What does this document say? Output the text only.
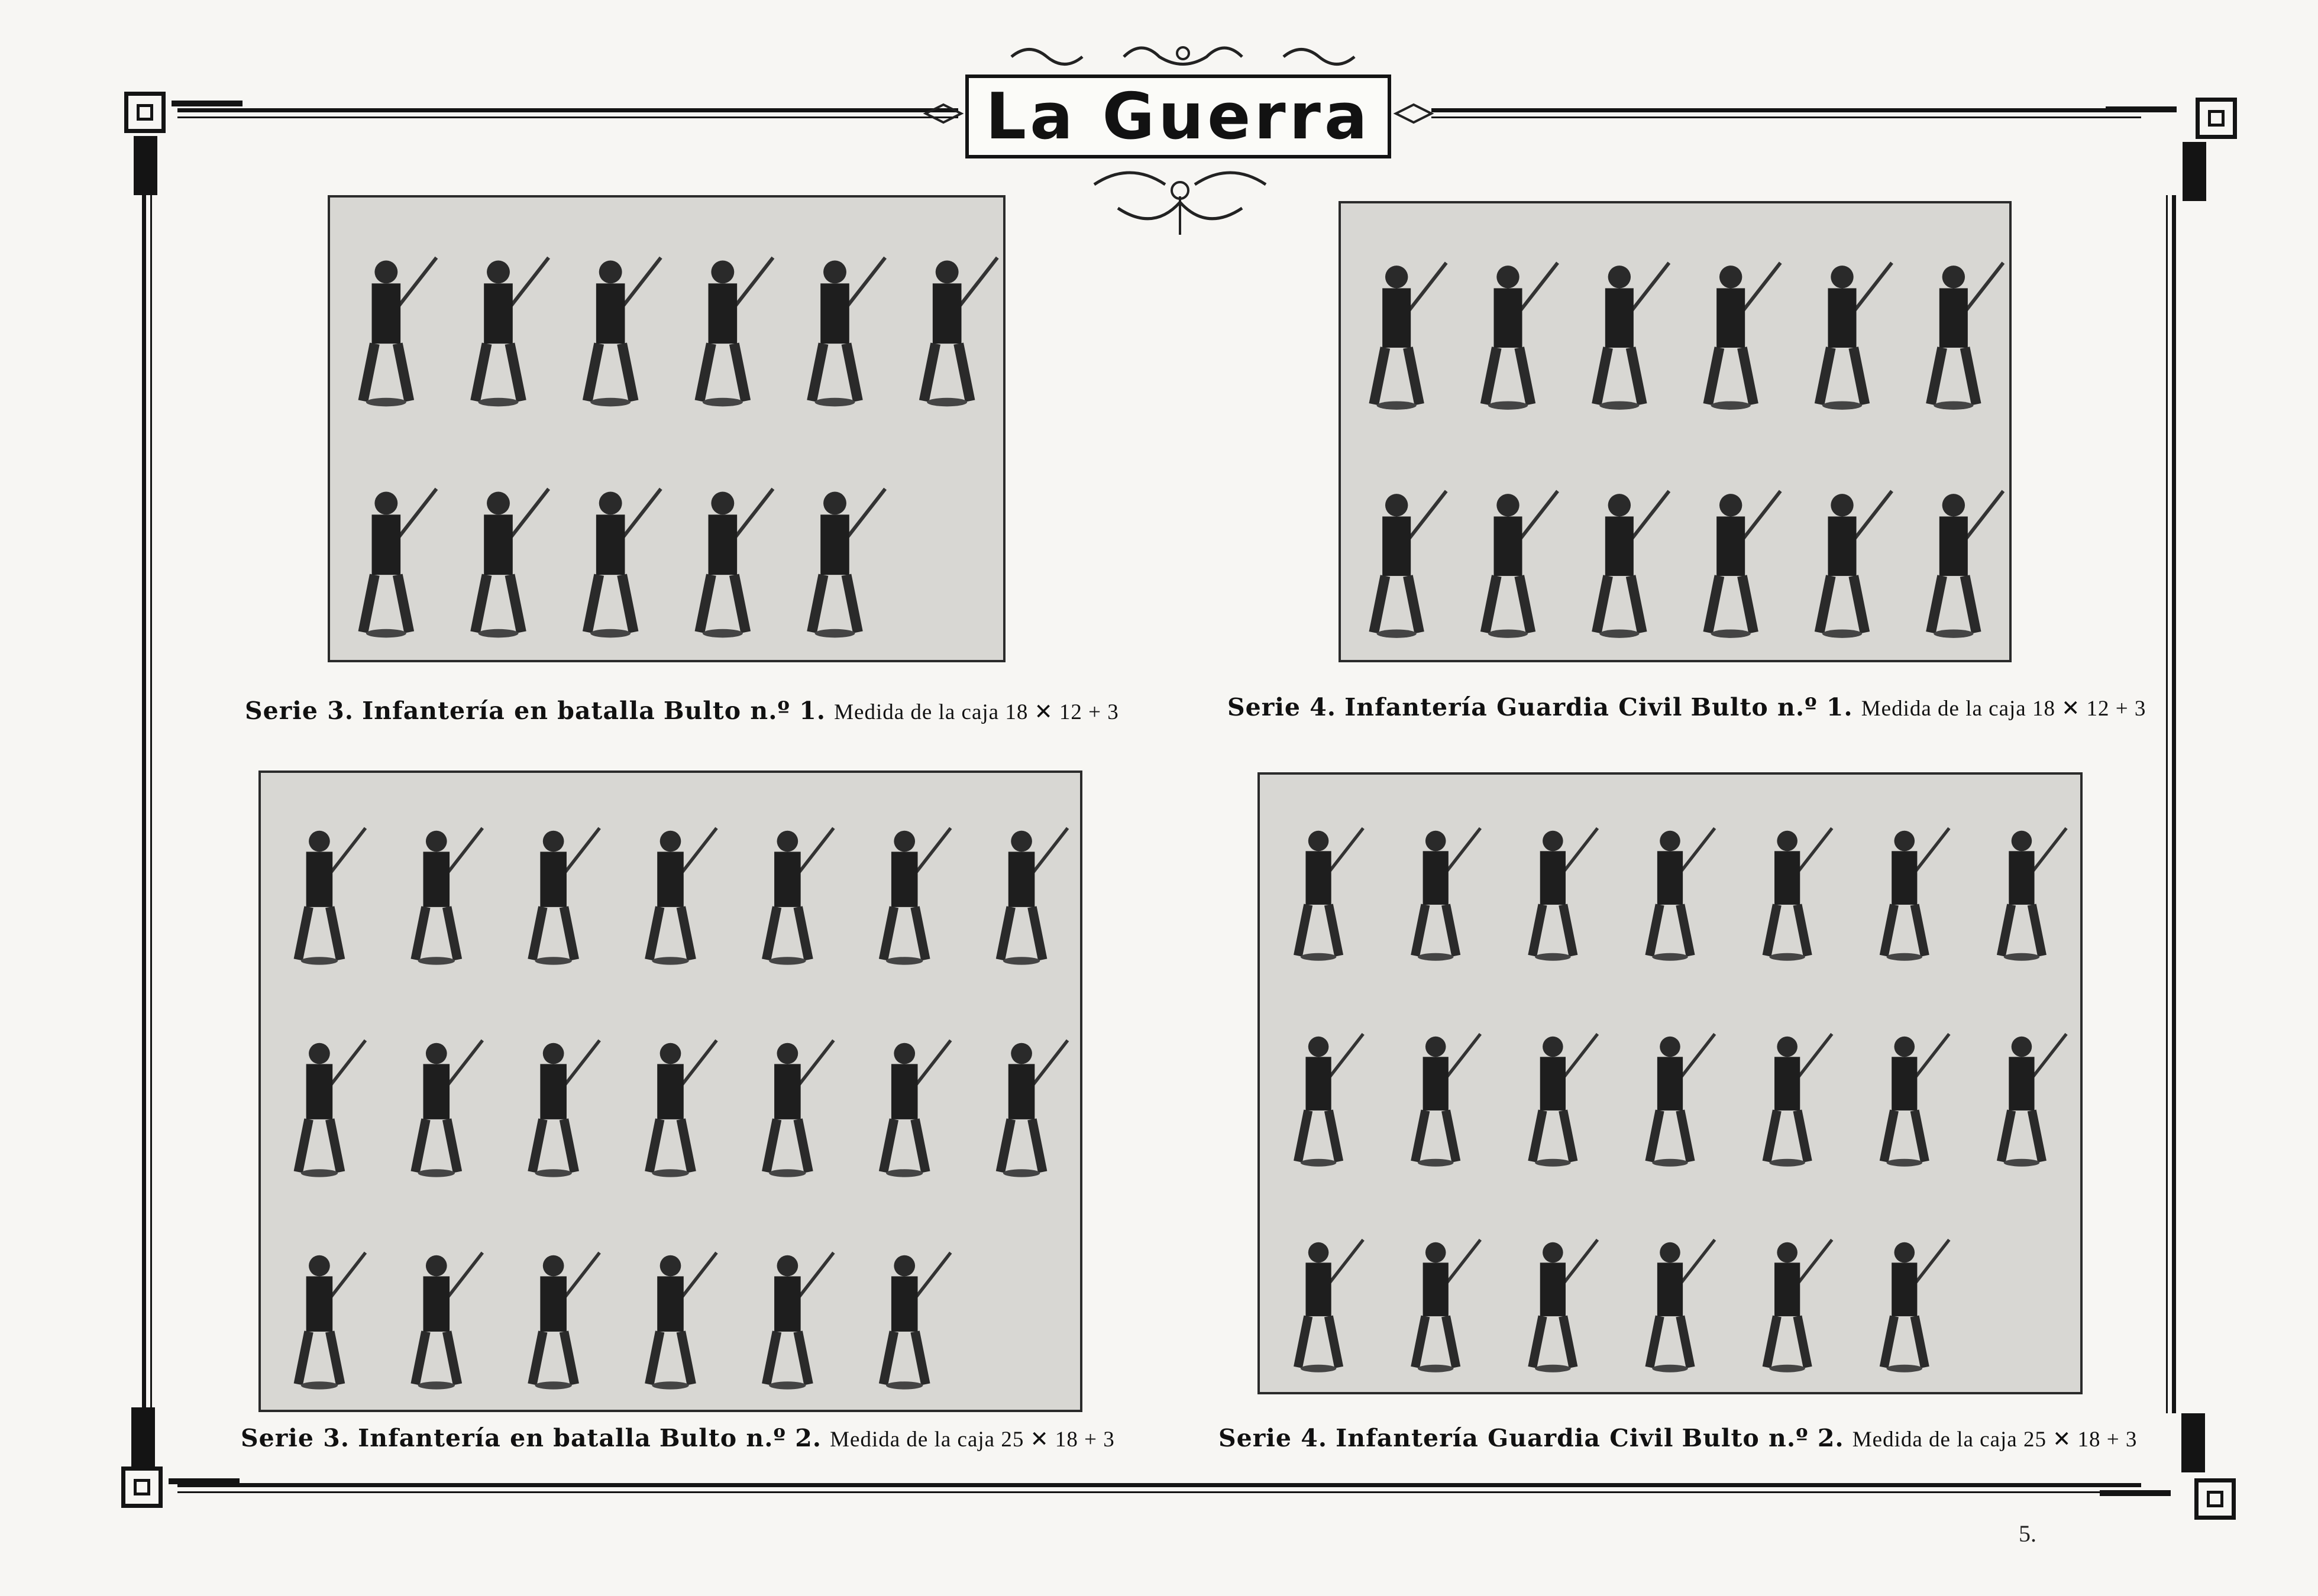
La Guerra
Serie 3. Infantería en batalla Bulto n.º 1. Medida de la caja 18 ✕ 12 + 3	Serie 4. Infantería Guardia Civil Bulto n.º 1. Medida de la caja 18 ✕ 12 + 3
Serie 3. Infantería en batalla Bulto n.º 2. Medida de la caja 25 ✕ 18 + 3	Serie 4. Infantería Guardia Civil Bulto n.º 2. Medida de la caja 25 ✕ 18 + 3
5.
